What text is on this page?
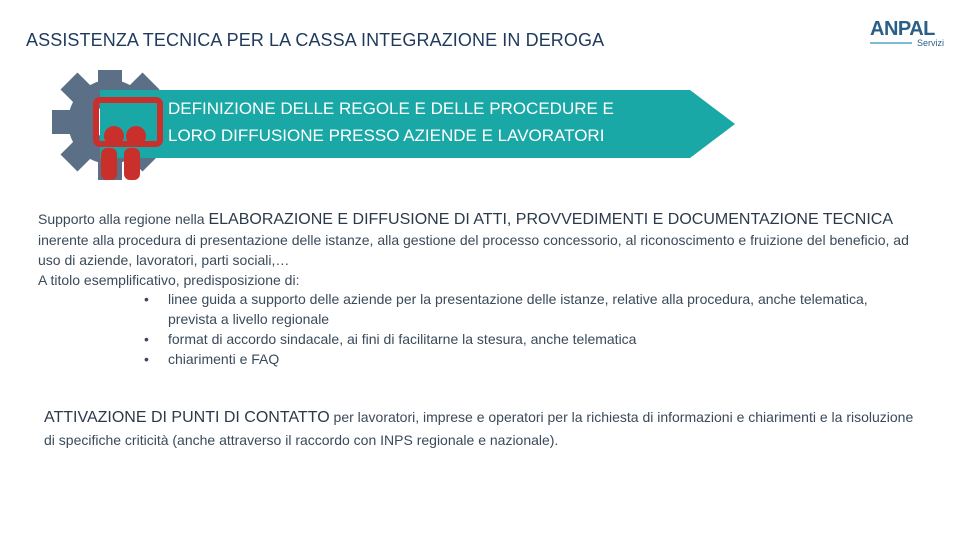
ASSISTENZA TECNICA PER LA CASSA INTEGRAZIONE IN DEROGA	ANPAL
Servizi
DEFINIZIONE DELLE REGOLE E DELLE PROCEDURE E
LORO DIFFUSIONE PRESSO AZIENDE E LAVORATORI
Supporto alla regione nella ELABORAZIONE E DIFFUSIONE DI ATTI, PROVVEDIMENTI E DOCUMENTAZIONE TECNICA inerente alla procedura di presentazione delle istanze, alla gestione del processo concessorio, al riconoscimento e fruizione del beneficio, ad uso di aziende, lavoratori, parti sociali,…
A titolo esemplificativo, predisposizione di:
• linee guida a supporto delle aziende per la presentazione delle istanze, relative alla procedura, anche telematica, prevista a livello regionale
• format di accordo sindacale, ai fini di facilitarne la stesura, anche telematica
• chiarimenti e FAQ
ATTIVAZIONE DI PUNTI DI CONTATTO per lavoratori, imprese e operatori per la richiesta di informazioni e chiarimenti e la risoluzione di specifiche criticità (anche attraverso il raccordo con INPS regionale e nazionale).
